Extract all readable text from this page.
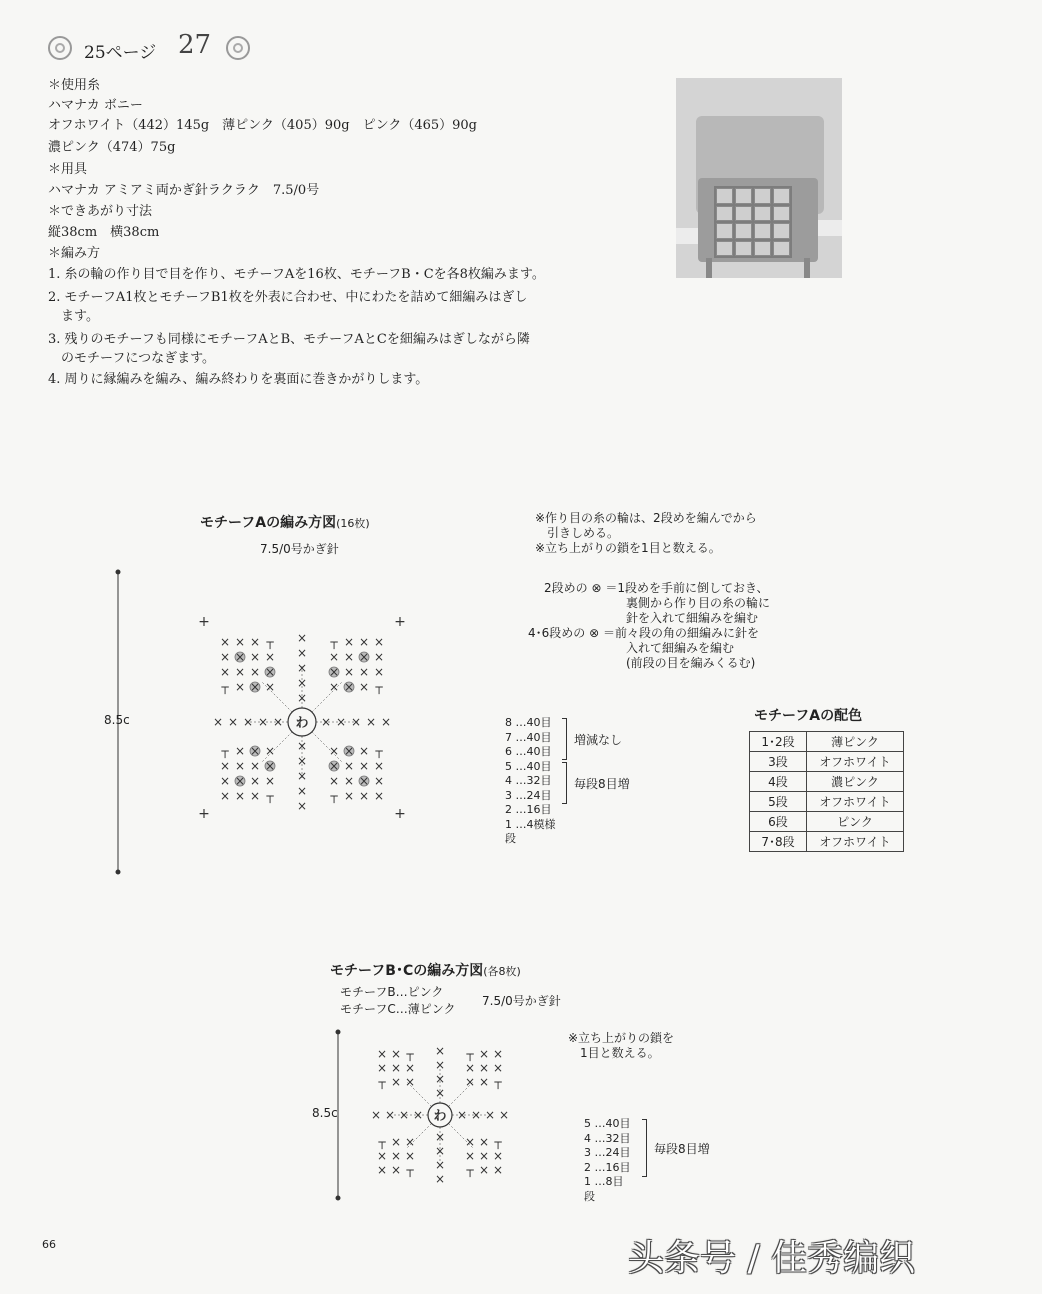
25ページ 27
＊使用糸
ハマナカ ボニー
オフホワイト（442）145g　薄ピンク（405）90g　ピンク（465）90g
濃ピンク（474）75g
＊用具
ハマナカ アミアミ両かぎ針ラクラク　7.5/0号
＊できあがり寸法
縦38cm　横38cm
＊編み方
1. 糸の輪の作り目で目を作り、モチーフAを16枚、モチーフB・Cを各8枚編みます。
2. モチーフA1枚とモチーフB1枚を外表に合わせ、中にわたを詰めて細編みはぎし
　ます。
3. 残りのモチーフも同様にモチーフAとB、モチーフAとCを細編みはぎしながら隣
　のモチーフにつなぎます。
4. 周りに縁編みを編み、編み終わりを裏面に巻きかがりします。
モチーフAの編み方図(16枚)
7.5/0号かぎ針
わ
×
×
×
┬
×
×
×
×
×
×
×
×
┬
×
×
×
+
×
×
×
┬
×
×
×
×
×
×
×
×
┬
×
×
×
+
×
×
×
┬
×
×
×
×
×
×
×
×
┬
×
×
×
+
×
×
×
┬
×
×
×
×
×
×
×
×
┬
×
×
×
+
×
×
×
×
×
×
×
×
×
×
×
×
×
×
×
×
×
×
×
×
8.5c
※作り目の糸の輪は、2段めを編んでから
　引きしめる。
※立ち上がりの鎖を1目と数える。
2段めの ⊗ ＝1段めを手前に倒しておき、
裏側から作り目の糸の輪に
針を入れて細編みを編む
4･6段めの ⊗ ＝前々段の角の細編みに針を
入れて細編みを編む
(前段の目を編みくるむ)
8 …40目
7 …40目
6 …40目
5 …40目
4 …32目
3 …24目
2 …16目
1 …4模様
段
増減なし
毎段8目増
モチーフAの配色
1･2段	薄ピンク
3段	オフホワイト
4段	濃ピンク
5段	オフホワイト
6段	ピンク
7･8段	オフホワイト
モチーフB･Cの編み方図(各8枚)
モチーフB…ピンク
モチーフC…薄ピンク
7.5/0号かぎ針
わ
×
×
┬
×
×
×
┬
×
×
×
×
┬
×
×
×
┬
×
×
×
×
┬
×
×
×
┬
×
×
×
×
┬
×
×
×
┬
×
×
×
×
×
×
×
×
×
×
×
×
×
×
×
×
×
×
8.5c
※立ち上がりの鎖を
　1目と数える。
5 …40目
4 …32目
3 …24目
2 …16目
1 …8目
段
毎段8目増
66	头条号 / 佳秀编织
